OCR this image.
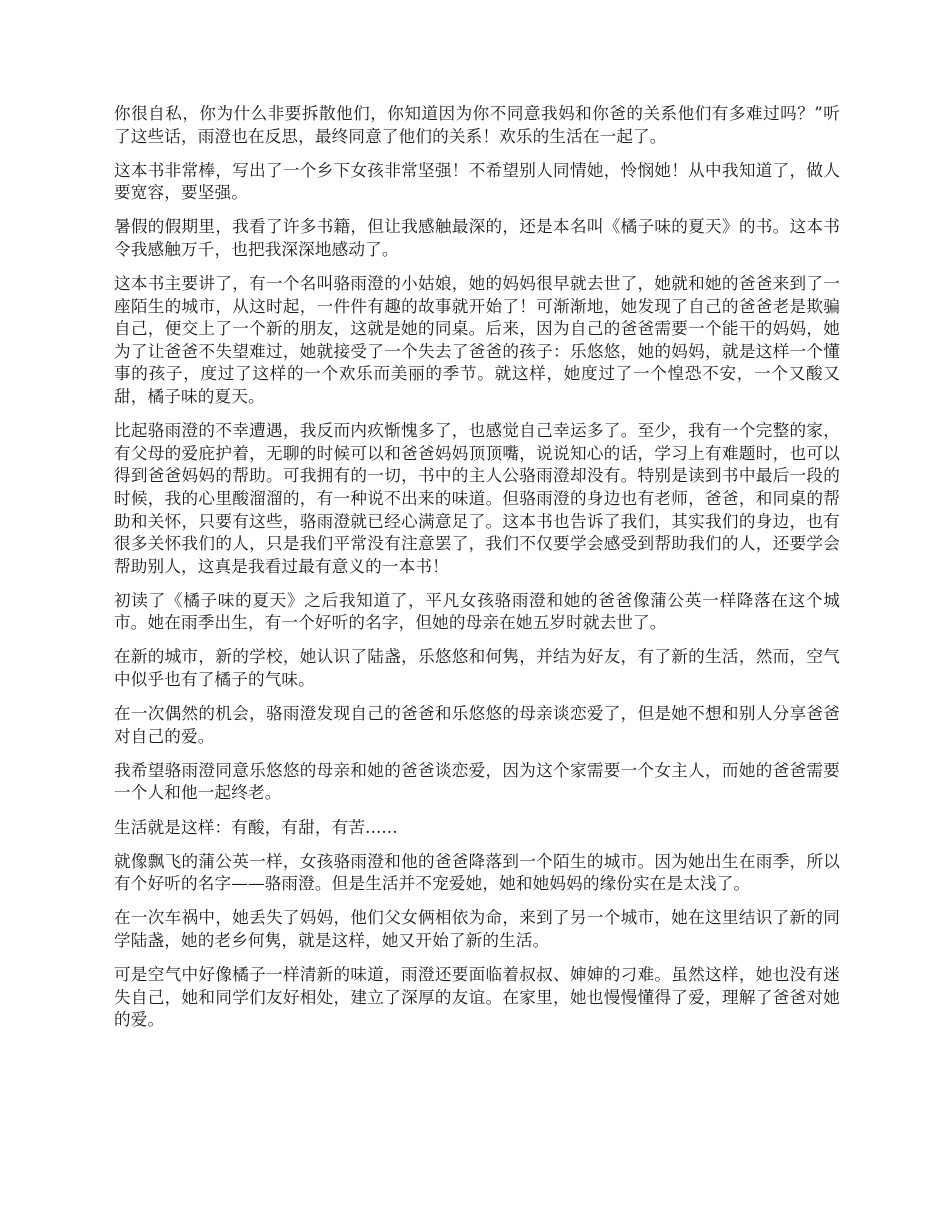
你很自私，你为什么非要拆散他们，你知道因为你不同意我妈和你爸的关系他们有多难过吗？”听了这些话，雨澄也在反思，最终同意了他们的关系！欢乐的生活在一起了。

这本书非常棒，写出了一个乡下女孩非常坚强！不希望别人同情她，怜悯她！从中我知道了，做人要宽容，要坚强。

暑假的假期里，我看了许多书籍，但让我感触最深的，还是本名叫《橘子味的夏天》的书。这本书令我感触万千，也把我深深地感动了。

这本书主要讲了，有一个名叫骆雨澄的小姑娘，她的妈妈很早就去世了，她就和她的爸爸来到了一座陌生的城市，从这时起，一件件有趣的故事就开始了！可渐渐地，她发现了自己的爸爸老是欺骗自己，便交上了一个新的朋友，这就是她的同桌。后来，因为自己的爸爸需要一个能干的妈妈，她为了让爸爸不失望难过，她就接受了一个失去了爸爸的孩子：乐悠悠，她的妈妈，就是这样一个懂事的孩子，度过了这样的一个欢乐而美丽的季节。就这样，她度过了一个惶恐不安，一个又酸又甜，橘子味的夏天。

比起骆雨澄的不幸遭遇，我反而内疚惭愧多了，也感觉自己幸运多了。至少，我有一个完整的家，有父母的爱庇护着，无聊的时候可以和爸爸妈妈顶顶嘴，说说知心的话，学习上有难题时，也可以得到爸爸妈妈的帮助。可我拥有的一切，书中的主人公骆雨澄却没有。特别是读到书中最后一段的时候，我的心里酸溜溜的，有一种说不出来的味道。但骆雨澄的身边也有老师，爸爸，和同桌的帮助和关怀，只要有这些，骆雨澄就已经心满意足了。这本书也告诉了我们，其实我们的身边，也有很多关怀我们的人，只是我们平常没有注意罢了，我们不仅要学会感受到帮助我们的人，还要学会帮助别人，这真是我看过最有意义的一本书！

初读了《橘子味的夏天》之后我知道了，平凡女孩骆雨澄和她的爸爸像蒲公英一样降落在这个城市。她在雨季出生，有一个好听的名字，但她的母亲在她五岁时就去世了。

在新的城市，新的学校，她认识了陆盏，乐悠悠和何隽，并结为好友，有了新的生活，然而，空气中似乎也有了橘子的气味。

在一次偶然的机会，骆雨澄发现自己的爸爸和乐悠悠的母亲谈恋爱了，但是她不想和别人分享爸爸对自己的爱。

我希望骆雨澄同意乐悠悠的母亲和她的爸爸谈恋爱，因为这个家需要一个女主人，而她的爸爸需要一个人和他一起终老。

生活就是这样：有酸，有甜，有苦......

就像飘飞的蒲公英一样，女孩骆雨澄和他的爸爸降落到一个陌生的城市。因为她出生在雨季，所以有个好听的名字——骆雨澄。但是生活并不宠爱她，她和她妈妈的缘份实在是太浅了。

在一次车祸中，她丢失了妈妈，他们父女俩相依为命，来到了另一个城市，她在这里结识了新的同学陆盏，她的老乡何隽，就是这样，她又开始了新的生活。

可是空气中好像橘子一样清新的味道，雨澄还要面临着叔叔、婶婶的刁难。虽然这样，她也没有迷失自己，她和同学们友好相处，建立了深厚的友谊。在家里，她也慢慢懂得了爱，理解了爸爸对她的爱。
